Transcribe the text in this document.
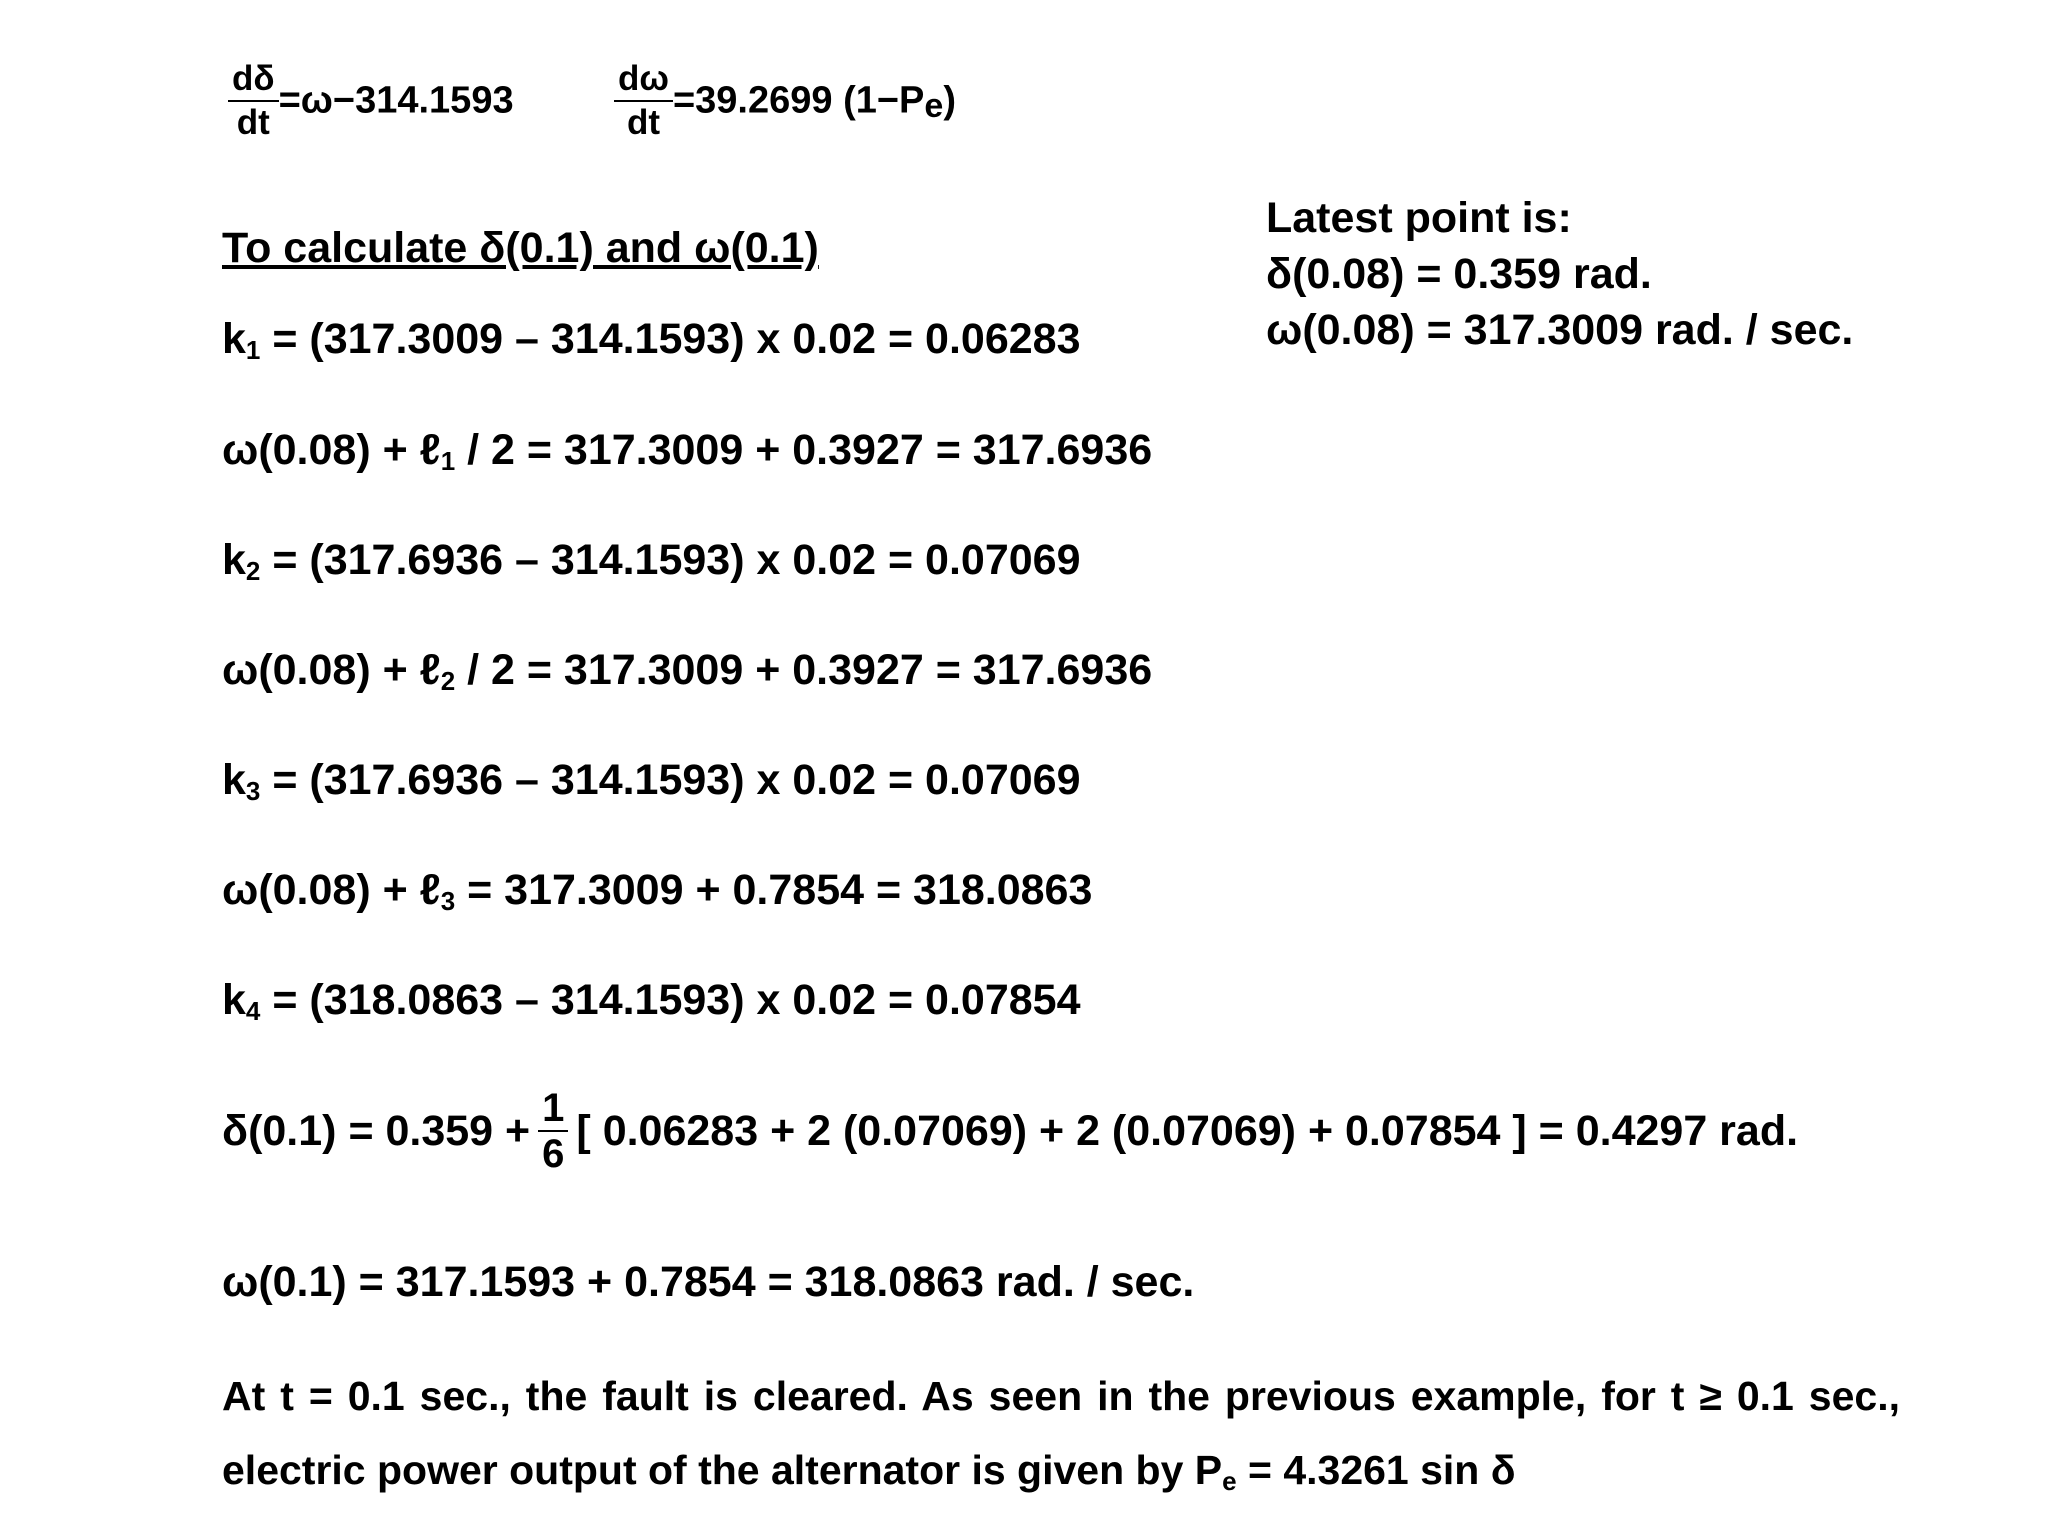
$\frac{d\delta}{dt} =\omega-314.1593$	$\frac{d\omega}{dt} =39.2699$ (1−Pe)
To calculate δ(0.1) and ω(0.1)
Latest point is:
δ(0.08) = 0.359 rad.
ω(0.08) = 317.3009 rad. / sec.
$k_1 = (317.3009 - 314.1593)$ x 0.02 = 0.06283
ω(0.08) + ℓ$_1$ / 2 = 317.3009 + 0.3927 = 317.6936
$k_2 = (317.6936 - 314.1593)$ x 0.02 = 0.07069
ω(0.08) + ℓ$_2$ / 2 = 317.3009 + 0.3927 = 317.6936
$k_3 = (317.6936 - 314.1593)$ x 0.02 = 0.07069
ω(0.08) + ℓ$_3$ = 317.3009 + 0.7854 = 318.0863
$k_4 = (318.0863 - 314.1593)$ x 0.02 = 0.07854
$\delta(0.1) = 0.359 + \frac{1}{6}$ [ 0.06283 + 2 (0.07069) + 2 (0.07069) + 0.07854 ] = 0.4297 rad.
ω(0.1) = 317.1593 + 0.7854 = 318.0863 rad. / sec.
At t = 0.1 sec., the fault is cleared. As seen in the previous example, for t ≥ 0.1 sec., electric power output of the alternator is given by $P_e = 4.3261$ sin δ
